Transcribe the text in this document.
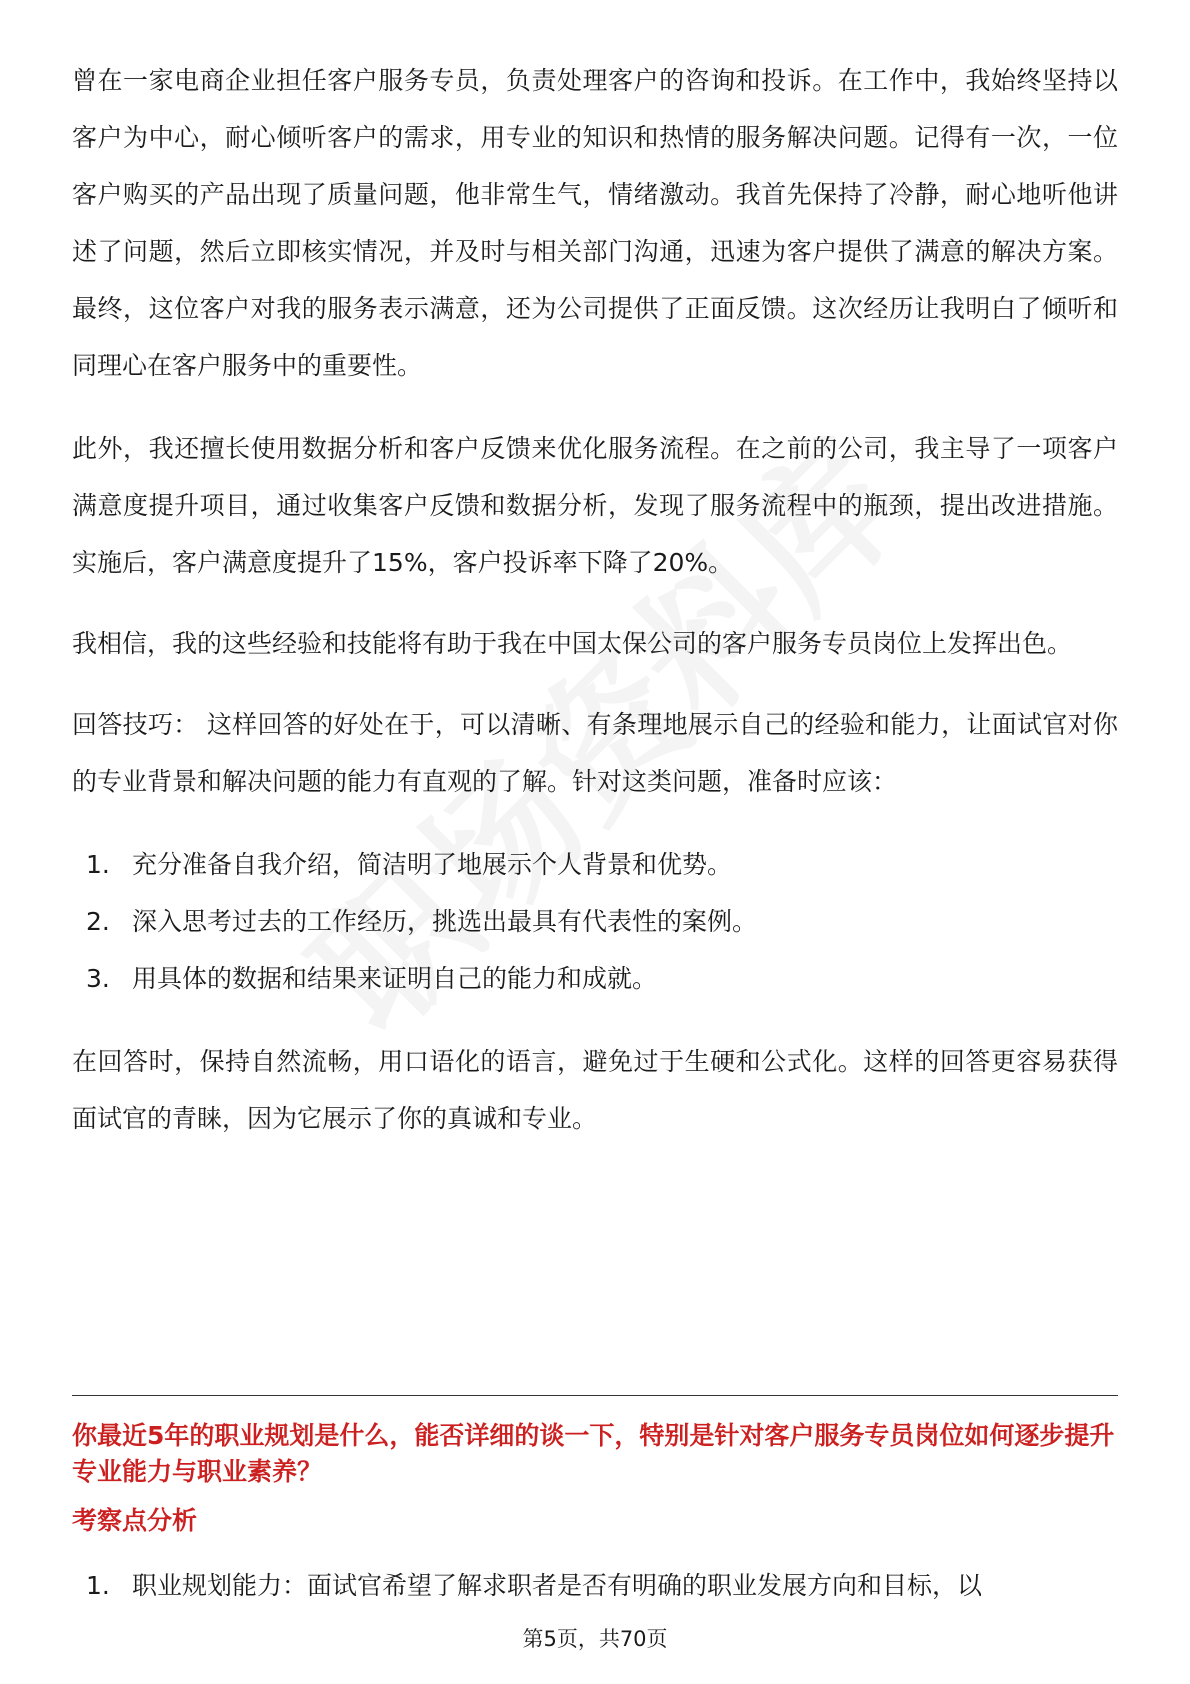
曾在一家电商企业担任客户服务专员，负责处理客户的咨询和投诉。在工作中，我始终坚持以客户为中心，耐心倾听客户的需求，用专业的知识和热情的服务解决问题。记得有一次，一位客户购买的产品出现了质量问题，他非常生气，情绪激动。我首先保持了冷静，耐心地听他讲述了问题，然后立即核实情况，并及时与相关部门沟通，迅速为客户提供了满意的解决方案。最终，这位客户对我的服务表示满意，还为公司提供了正面反馈。这次经历让我明白了倾听和同理心在客户服务中的重要性。

此外，我还擅长使用数据分析和客户反馈来优化服务流程。在之前的公司，我主导了一项客户满意度提升项目，通过收集客户反馈和数据分析，发现了服务流程中的瓶颈，提出改进措施。实施后，客户满意度提升了15%，客户投诉率下降了20%。

我相信，我的这些经验和技能将有助于我在中国太保公司的客户服务专员岗位上发挥出色。

回答技巧： 这样回答的好处在于，可以清晰、有条理地展示自己的经验和能力，让面试官对你的专业背景和解决问题的能力有直观的了解。针对这类问题，准备时应该：

1. 充分准备自我介绍，简洁明了地展示个人背景和优势。
2. 深入思考过去的工作经历，挑选出最具有代表性的案例。
3. 用具体的数据和结果来证明自己的能力和成就。

在回答时，保持自然流畅，用口语化的语言，避免过于生硬和公式化。这样的回答更容易获得面试官的青睐，因为它展示了你的真诚和专业。

你最近5年的职业规划是什么，能否详细的谈一下，特别是针对客户服务专员岗位如何逐步提升专业能力与职业素养？

考察点分析

1. 职业规划能力：面试官希望了解求职者是否有明确的职业发展方向和目标，以
第5页，共70页
